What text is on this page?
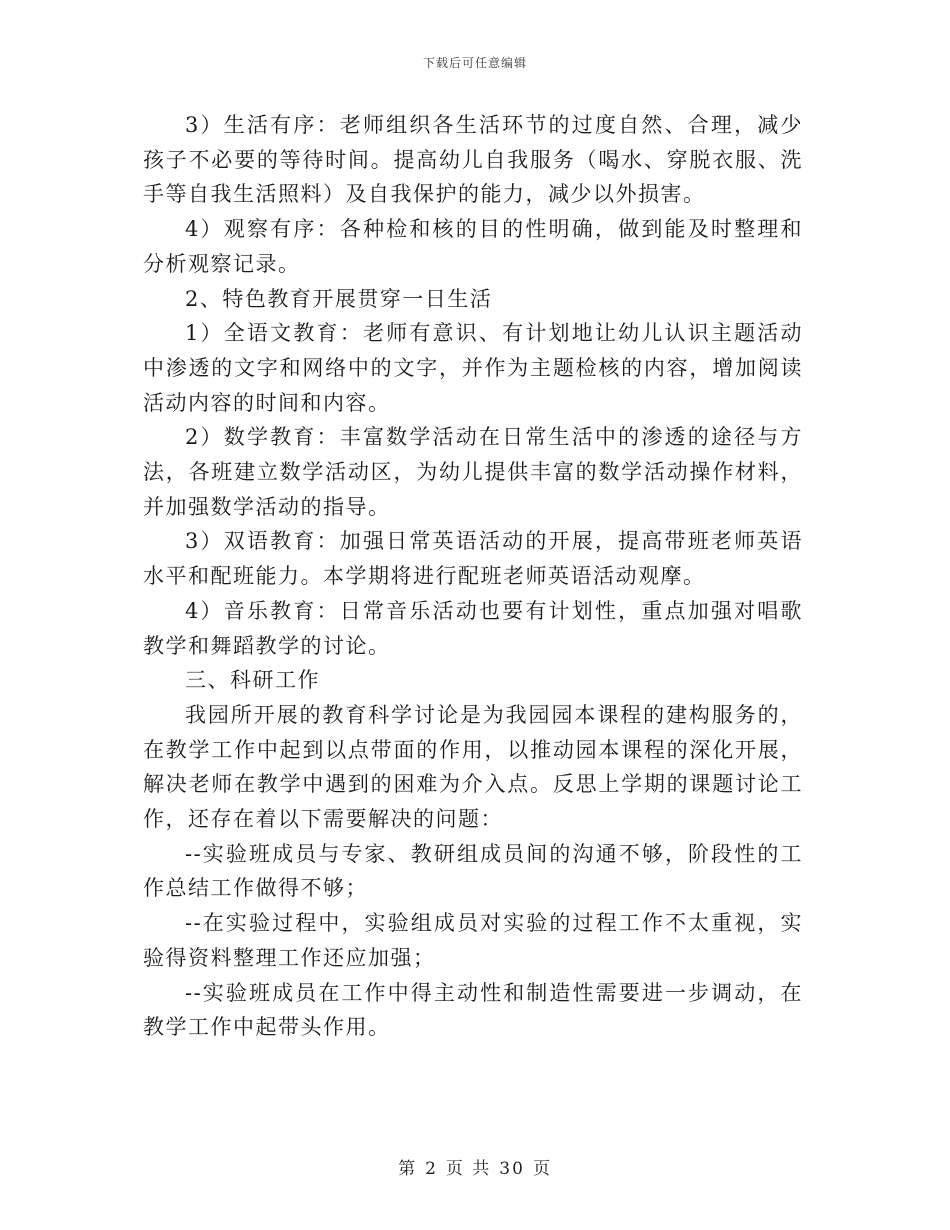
下载后可任意编辑

3）生活有序：老师组织各生活环节的过度自然、合理，减少孩子不必要的等待时间。提高幼儿自我服务（喝水、穿脱衣服、洗手等自我生活照料）及自我保护的能力，减少以外损害。

4）观察有序：各种检和核的目的性明确，做到能及时整理和分析观察记录。

2、特色教育开展贯穿一日生活

1）全语文教育：老师有意识、有计划地让幼儿认识主题活动中渗透的文字和网络中的文字，并作为主题检核的内容，增加阅读活动内容的时间和内容。

2）数学教育：丰富数学活动在日常生活中的渗透的途径与方法，各班建立数学活动区，为幼儿提供丰富的数学活动操作材料，并加强数学活动的指导。

3）双语教育：加强日常英语活动的开展，提高带班老师英语水平和配班能力。本学期将进行配班老师英语活动观摩。

4）音乐教育：日常音乐活动也要有计划性，重点加强对唱歌教学和舞蹈教学的讨论。

三、科研工作

我园所开展的教育科学讨论是为我园园本课程的建构服务的，在教学工作中起到以点带面的作用，以推动园本课程的深化开展，解决老师在教学中遇到的困难为介入点。反思上学期的课题讨论工作，还存在着以下需要解决的问题：

--实验班成员与专家、教研组成员间的沟通不够，阶段性的工作总结工作做得不够；

--在实验过程中，实验组成员对实验的过程工作不太重视，实验得资料整理工作还应加强；

--实验班成员在工作中得主动性和制造性需要进一步调动，在教学工作中起带头作用。

第 2 页 共 30 页
